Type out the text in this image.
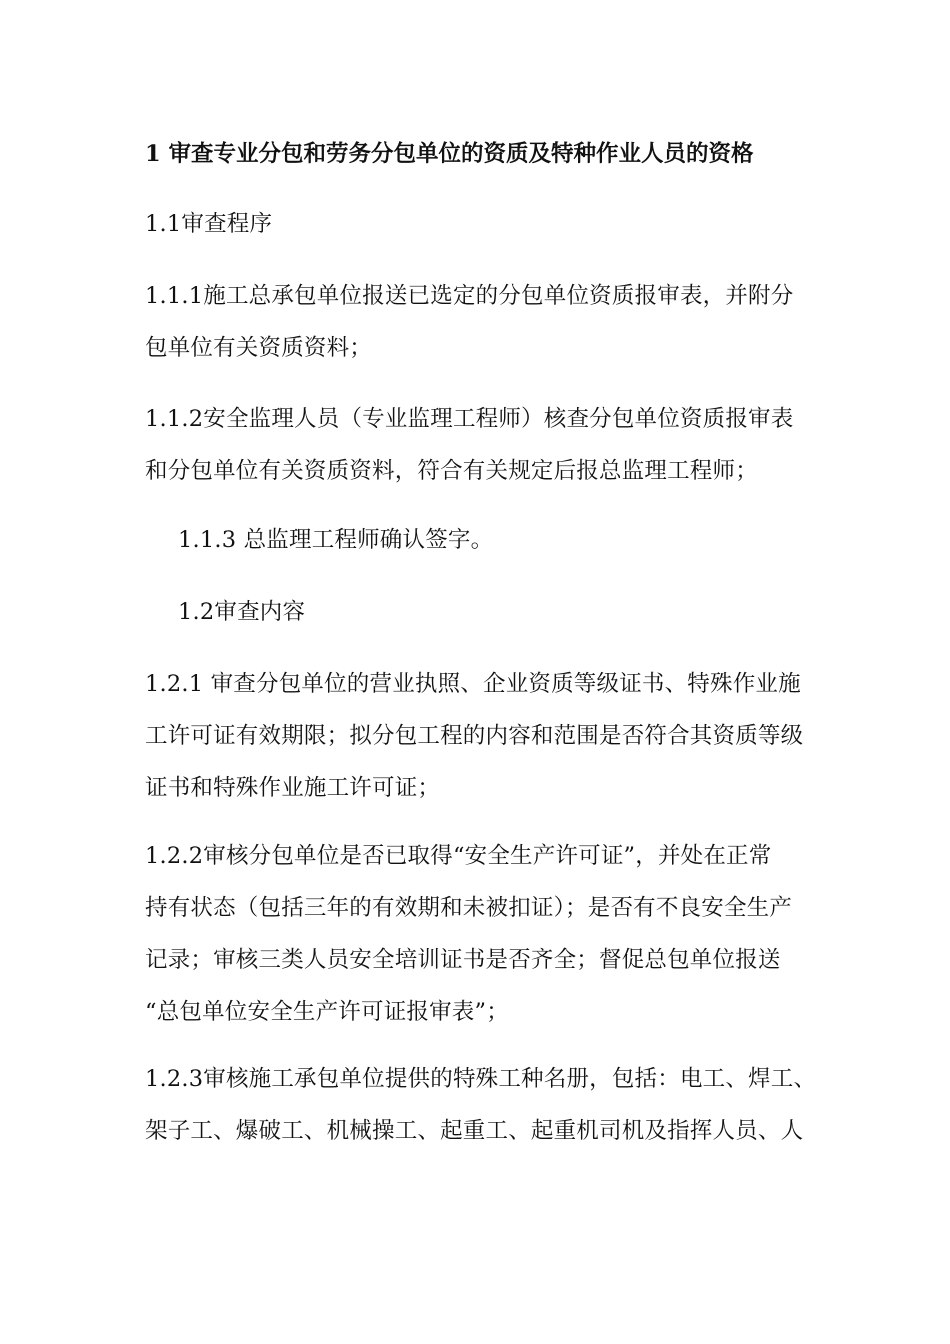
1 审查专业分包和劳务分包单位的资质及特种作业人员的资格
1.1审查程序
1.1.1施工总承包单位报送已选定的分包单位资质报审表，并附分
包单位有关资质资料；
1.1.2安全监理人员（专业监理工程师）核查分包单位资质报审表
和分包单位有关资质资料，符合有关规定后报总监理工程师；
1.1.3 总监理工程师确认签字。
1.2审查内容
1.2.1 审查分包单位的营业执照、企业资质等级证书、特殊作业施
工许可证有效期限；拟分包工程的内容和范围是否符合其资质等级
证书和特殊作业施工许可证；
1.2.2审核分包单位是否已取得“安全生产许可证”，并处在正常
持有状态（包括三年的有效期和未被扣证）；是否有不良安全生产
记录；审核三类人员安全培训证书是否齐全；督促总包单位报送
“总包单位安全生产许可证报审表”；
1.2.3审核施工承包单位提供的特殊工种名册，包括：电工、焊工、
架子工、爆破工、机械操工、起重工、起重机司机及指挥人员、人
